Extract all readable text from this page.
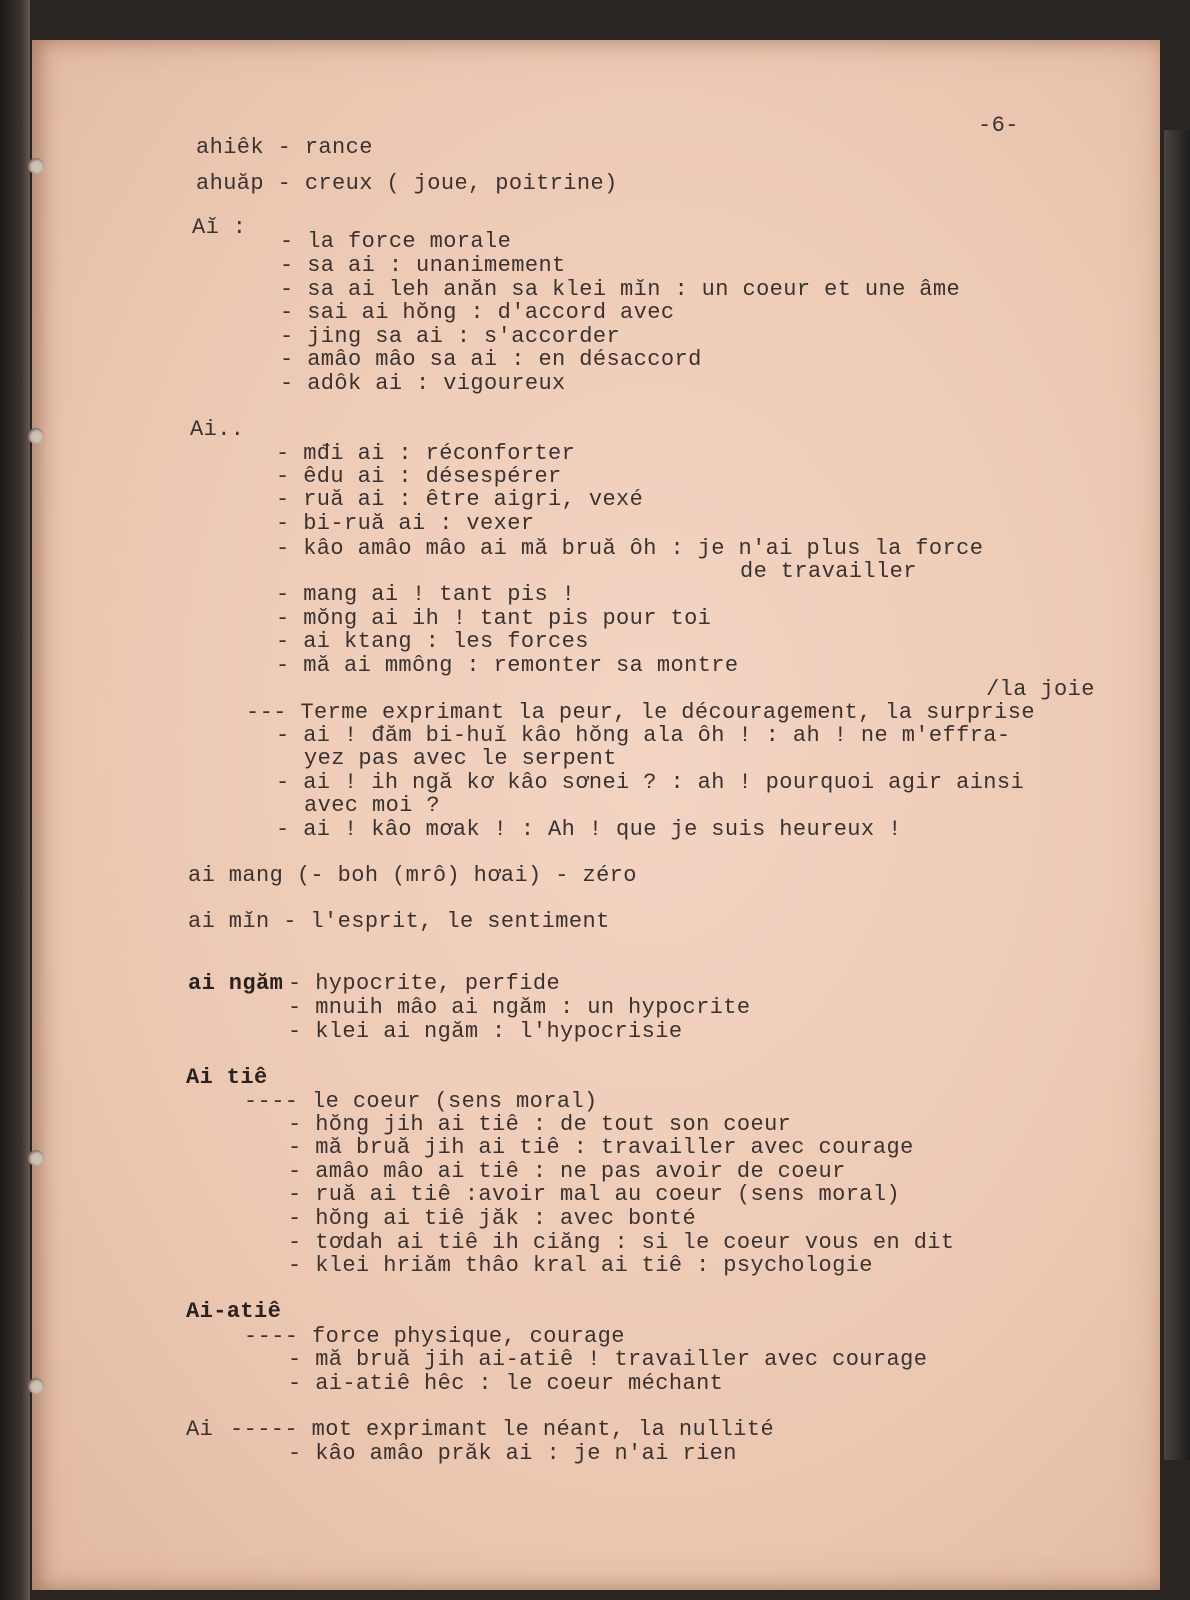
-6-
ahiêk - rance
ahuăp - creux ( joue, poitrine)
Aĭ :
- la force morale
- sa ai : unanimement
- sa ai leh anăn sa klei mĭn : un coeur et une âme
- sai ai hŏng : d'accord avec
- jing sa ai : s'accorder
- amâo mâo sa ai : en désaccord
- adôk ai : vigoureux
Ai..
- mđi ai : réconforter
- êdu ai : désespérer
- ruă ai : être aigri, vexé
- bi-ruă ai : vexer
- kâo amâo mâo ai mă bruă ôh : je n'ai plus la force
de travailler
- mang ai ! tant pis !
- mŏng ai ih ! tant pis pour toi
- ai ktang : les forces
- mă ai mmông : remonter sa montre
/la joie
--- Terme exprimant la peur, le découragement, la surprise
- ai ! đăm bi-huĭ kâo hŏng ala ôh ! : ah ! ne m'effra-
yez pas avec le serpent
- ai ! ih ngă kơ kâo sơnei ? : ah ! pourquoi agir ainsi
avec moi ?
- ai ! kâo mơak ! : Ah ! que je suis heureux !
ai mang (- boh (mrô) hơai) - zéro
ai mĭn - l'esprit, le sentiment
ai ngăm - hypocrite, perfide
- mnuih mâo ai ngăm : un hypocrite
- klei ai ngăm : l'hypocrisie
Ai tiê
---- le coeur (sens moral)
- hŏng jih ai tiê : de tout son coeur
- mă bruă jih ai tiê : travailler avec courage
- amâo mâo ai tiê : ne pas avoir de coeur
- ruă ai tiê :avoir mal au coeur (sens moral)
- hŏng ai tiê jăk : avec bonté
- tơdah ai tiê ih ciăng : si le coeur vous en dit
- klei hriăm thâo kral ai tiê : psychologie
Ai-atiê
---- force physique, courage
- mă bruă jih ai-atiê ! travailler avec courage
- ai-atiê hêc : le coeur méchant
Ai ----- mot exprimant le néant, la nullité
- kâo amâo prăk ai : je n'ai rien
